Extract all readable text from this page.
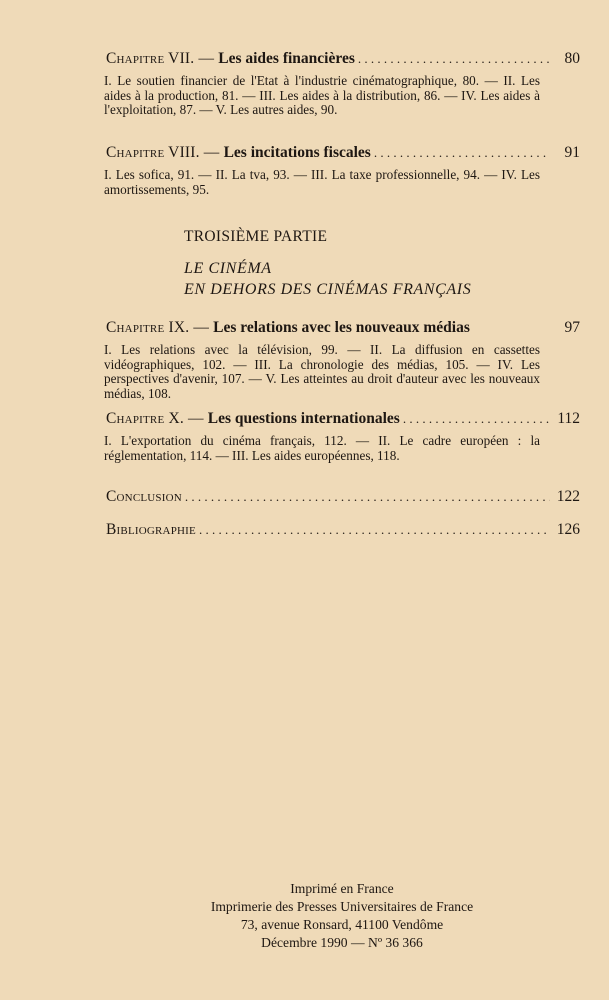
Chapitre VII. — Les aides financières . . .	80
I. Le soutien financier de l'Etat à l'industrie cinématographique, 80. — II. Les aides à la production, 81. — III. Les aides à la distribution, 86. — IV. Les aides à l'exploitation, 87. — V. Les autres aides, 90.
Chapitre VIII. — Les incitations fiscales . . .	91
I. Les sofica, 91. — II. La tva, 93. — III. La taxe professionnelle, 94. — IV. Les amortissements, 95.
TROISIÈME PARTIE
LE CINÉMA
EN DEHORS DES CINÉMAS FRANÇAIS
Chapitre IX. — Les relations avec les nouveaux médias	97
I. Les relations avec la télévision, 99. — II. La diffusion en cassettes vidéographiques, 102. — III. La chronologie des médias, 105. — IV. Les perspectives d'avenir, 107. — V. Les atteintes au droit d'auteur avec les nouveaux médias, 108.
Chapitre X. — Les questions internationales . . .	112
I. L'exportation du cinéma français, 112. — II. Le cadre européen : la réglementation, 114. — III. Les aides européennes, 118.
Conclusion . . .	122
Bibliographie . . .	126
Imprimé en France
Imprimerie des Presses Universitaires de France
73, avenue Ronsard, 41100 Vendôme
Décembre 1990 — Nº 36 366
